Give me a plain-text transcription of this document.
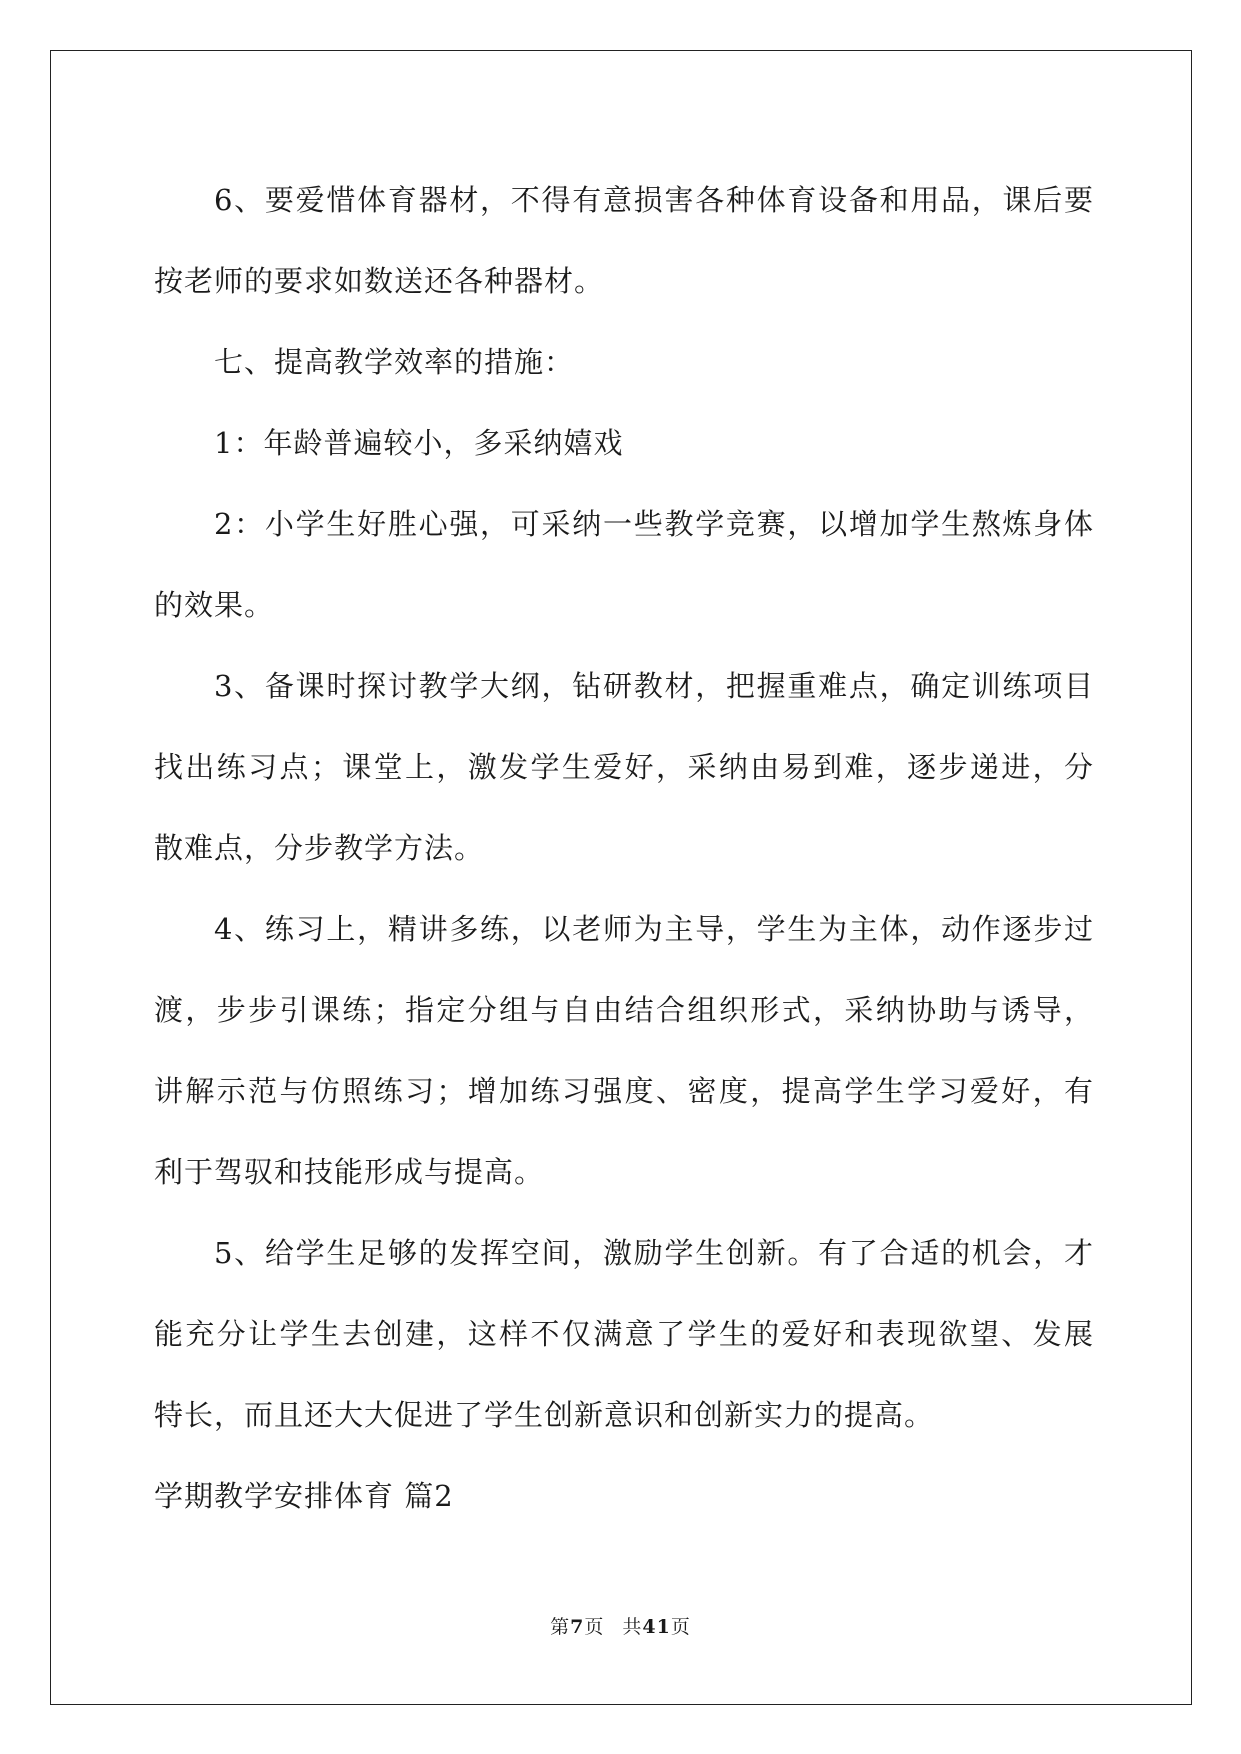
6、要爱惜体育器材，不得有意损害各种体育设备和用品，课后要
按老师的要求如数送还各种器材。
七、提高教学效率的措施：
1：年龄普遍较小，多采纳嬉戏
2：小学生好胜心强，可采纳一些教学竞赛，以增加学生熬炼身体
的效果。
3、备课时探讨教学大纲，钻研教材，把握重难点，确定训练项目
找出练习点；课堂上，激发学生爱好，采纳由易到难，逐步递进，分
散难点，分步教学方法。
4、练习上，精讲多练，以老师为主导，学生为主体，动作逐步过
渡，步步引课练；指定分组与自由结合组织形式，采纳协助与诱导，
讲解示范与仿照练习；增加练习强度、密度，提高学生学习爱好，有
利于驾驭和技能形成与提高。
5、给学生足够的发挥空间，激励学生创新。有了合适的机会，才
能充分让学生去创建，这样不仅满意了学生的爱好和表现欲望、发展
特长，而且还大大促进了学生创新意识和创新实力的提高。
学期教学安排体育 篇2
第7页 共41页
